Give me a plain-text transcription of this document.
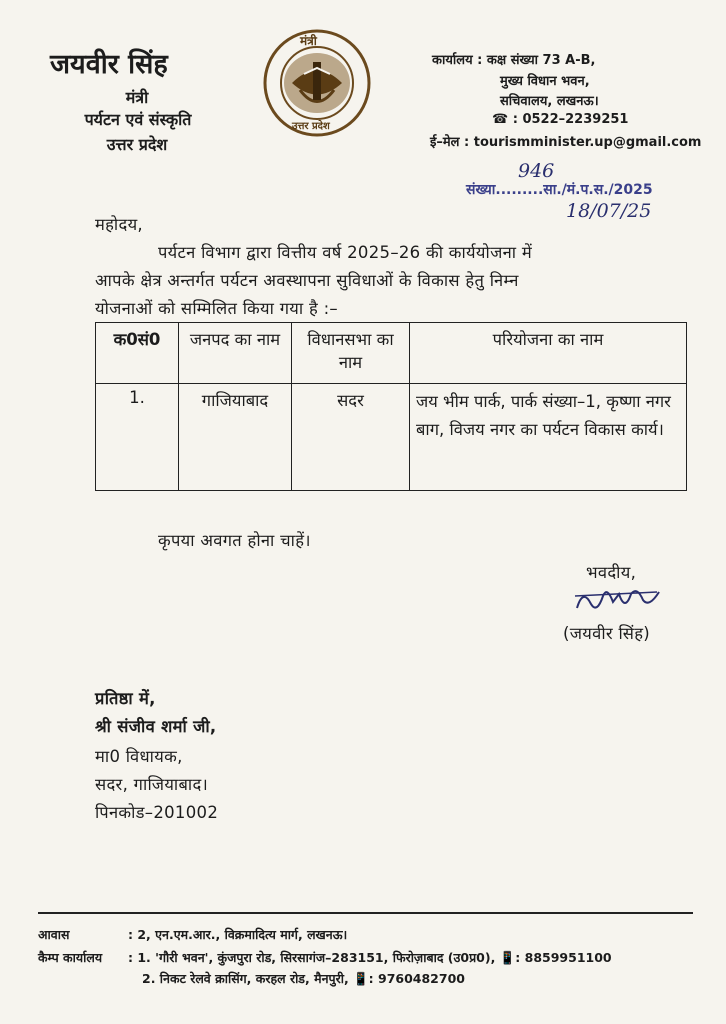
जयवीर सिंह
मंत्री
पर्यटन एवं संस्कृति
उत्तर प्रदेश
मंत्री
उत्तर प्रदेश
कार्यालय : कक्ष संख्या 73 A-B,
मुख्य विधान भवन,
सचिवालय, लखनऊ।
☎ : 0522–2239251
ई–मेल : tourismminister.up@gmail.com
946
संख्या.........सा./मं.प.स./2025
18/07/25
महोदय,
पर्यटन विभाग द्वारा वित्तीय वर्ष 2025–26 की कार्ययोजना में
आपके क्षेत्र अन्तर्गत पर्यटन अवस्थापना सुविधाओं के विकास हेतु निम्न
योजनाओं को सम्मिलित किया गया है :–
क0सं0	जनपद का नाम	विधानसभा का नाम	परियोजना का नाम
1.	गाजियाबाद	सदर	जय भीम पार्क, पार्क संख्या–1, कृष्णा नगर बाग, विजय नगर का पर्यटन विकास कार्य।
कृपया अवगत होना चाहें।
भवदीय,
(जयवीर सिंह)
प्रतिष्ठा में,
श्री संजीव शर्मा जी,
मा0 विधायक,
सदर, गाजियाबाद।
पिनकोड–201002
आवास	: 2, एन.एम.आर., विक्रमादित्य मार्ग, लखनऊ।
कैम्प कार्यालय : 1. 'गौरी भवन', कुंजपुरा रोड, सिरसागंज–283151, फिरोज़ाबाद (उ0प्र0), 📱: 8859951100
2. निकट रेलवे क्रासिंग, करहल रोड, मैनपुरी, 📱: 9760482700
